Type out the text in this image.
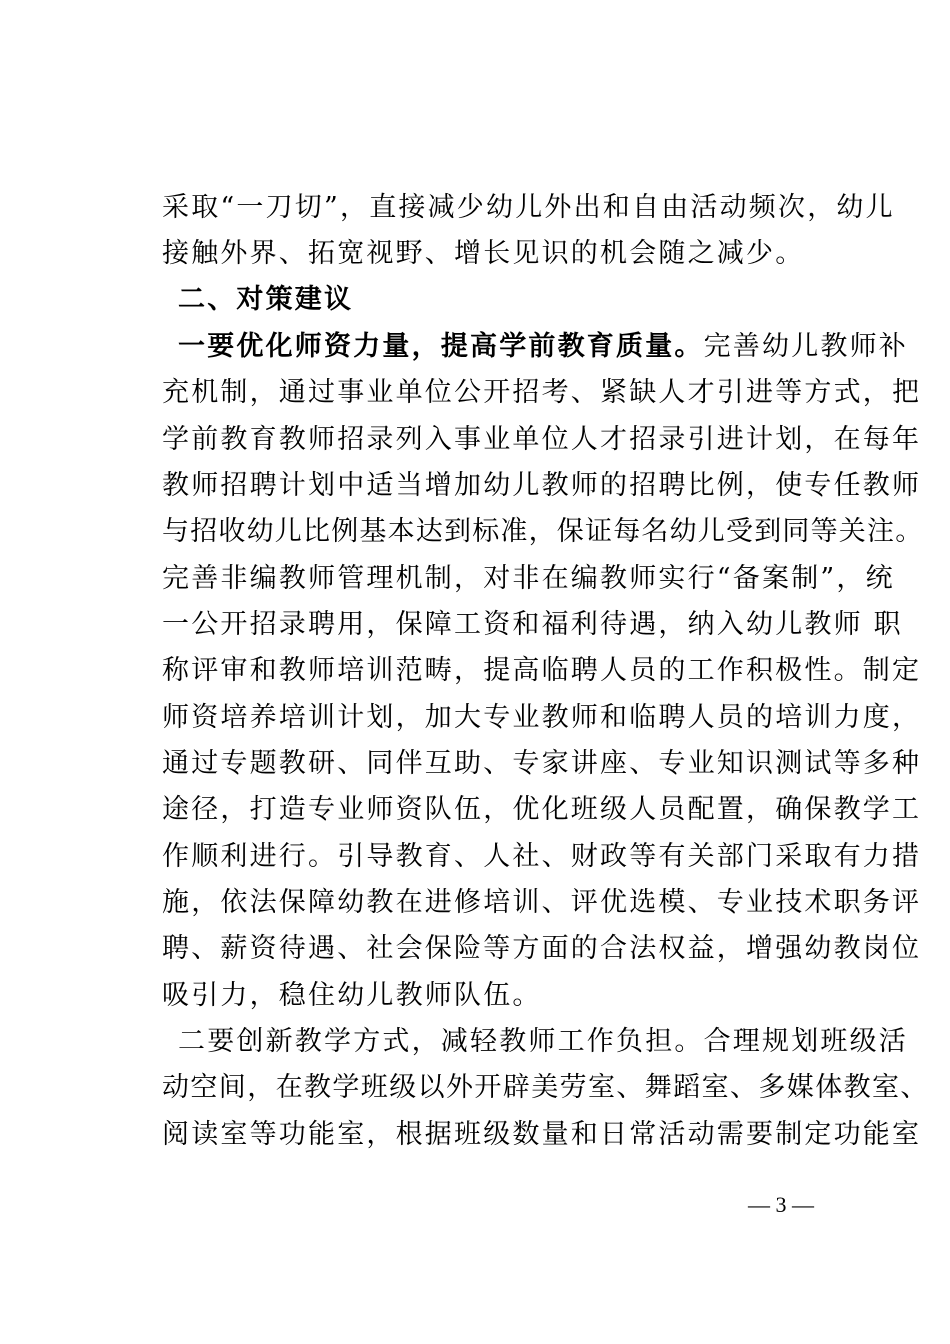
采取“一刀切”，直接减少幼儿外出和自由活动频次，幼儿
接触外界、拓宽视野、增长见识的机会随之减少。
二、对策建议
一要优化师资力量，提高学前教育质量。完善幼儿教师补
充机制，通过事业单位公开招考、紧缺人才引进等方式，把
学前教育教师招录列入事业单位人才招录引进计划，在每年
教师招聘计划中适当增加幼儿教师的招聘比例，使专任教师
与招收幼儿比例基本达到标准，保证每名幼儿受到同等关注。
完善非编教师管理机制，对非在编教师实行“备案制”，统
一公开招录聘用，保障工资和福利待遇，纳入幼儿教师 职
称评审和教师培训范畴，提高临聘人员的工作积极性。制定
师资培养培训计划，加大专业教师和临聘人员的培训力度，
通过专题教研、同伴互助、专家讲座、专业知识测试等多种
途径，打造专业师资队伍，优化班级人员配置，确保教学工
作顺利进行。引导教育、人社、财政等有关部门采取有力措
施，依法保障幼教在进修培训、评优选模、专业技术职务评
聘、薪资待遇、社会保险等方面的合法权益，增强幼教岗位
吸引力，稳住幼儿教师队伍。
二要创新教学方式，减轻教师工作负担。合理规划班级活
动空间，在教学班级以外开辟美劳室、舞蹈室、多媒体教室、
阅读室等功能室，根据班级数量和日常活动需要制定功能室
— 3 —
